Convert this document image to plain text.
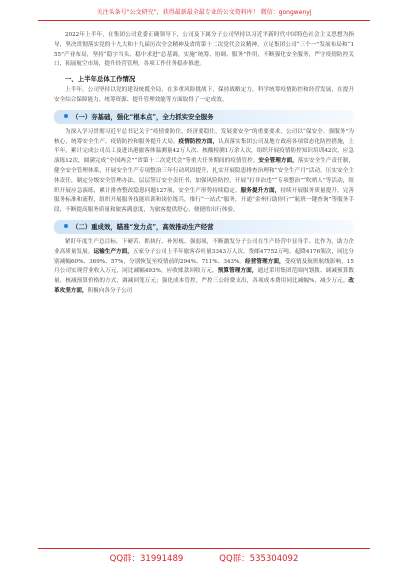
关注头条号“公文研究”，获得最新最全最专业的公文资料库！ 微信：gongwenyj

2022年上半年，在集团公司党委正确领导下，公司及下属分子公司坚持以习近平新时代中国特色社会主义思想为指导，坚决贯彻落实党的十九大和十九届历次全会精神及省的第十二次党代会议精神，立足集团公司“三个一”发展布局和“155”产业布局，坚持“稳字当头、稳中求进”总基调，实施“统筹、协调、服务”作用，不断强化安全服务，严守疫情防控关口，拓展航空市场，提升经营管理，各项工作任务稳步推进。

一、上半年总体工作情况

上半年，公司坚持以党的建设统揽全局，在多重风险挑战下，保持战略定力，科学统筹疫情防控和经营发展，在提升安全综合保障能力、统筹资源、提升管理效能等方面取得了一定成效。

（一）夯基础，强化“根本点”，全力抓实安全服务

为深入学习贯彻习近平总书记关于“疫情要防住，经济要稳住，发展要安全”的重要要求，公司以“保安全、强服务”为核心，统筹安全生产、疫情防控和服务提升大局。疫情防控方面，认真落实集团公司及地方政府各项常态化防控措施，上半年，累计完成公司员工及进出港旅客体温测量42万人次、核酸检测1万余人次，组织开展疫情防控知识培训42次，应急演练12次，圆满完成“全国两会”“省第十二次党代会”等重大任务期间的疫情管控。安全管理方面，落实安全生产责任制，健全安全管理体系，开展安全生产专项整治三年行动巩固提升，扎实开展隐患排查治理和“安全生产月”活动，压实安全主体责任，制定分级安全管理办法，层层签订安全责任书，加强风险防控，开展“打非治违”“专项整治”“吹哨人”等活动，组织开展应急演练，累计排查整改隐患问题127项，安全生产形势持续稳定。服务提升方面，持续开展服务质量提升，完善服务标准和流程，组织开展服务技能培训和岗位练兵，推行“一站式”服务，开通“金州行助你行”“航班一键查询”等服务手段，不断提高服务质量和旅客满意度，为旅客提供舒心、便捷的出行体验。

（二）重成效，瞄准“发力点”，高效推动生产经营

紧盯年度生产总目标，下硬苦、抓执行、补短板、强弱项，不断激发分子公司在生产经营中显身手、比作为，助力企业高质量发展。运输生产方面，五家分子公司上半年旅客吞吐量3343万人次、货邮47752万吨、起降4176架次，同比分别减幅60%、369%、57%，分别恢复至疫情前的294%、711%、343%。经营管理方面，受疫情及航班航线影响，15月公司实现营业收入万元，同比减幅493%，应收账款回收万元。预算管理方面，通过采用集团范围内划拨、调减预算数量、核减预算价格的方式，调减回笼万元；强化成本管控，严控三公经费支出，各项成本费用同比减幅%，减少万元。改革攻坚方面，积极向各分子公司

QQ群：31991489	QQ群：535304092
